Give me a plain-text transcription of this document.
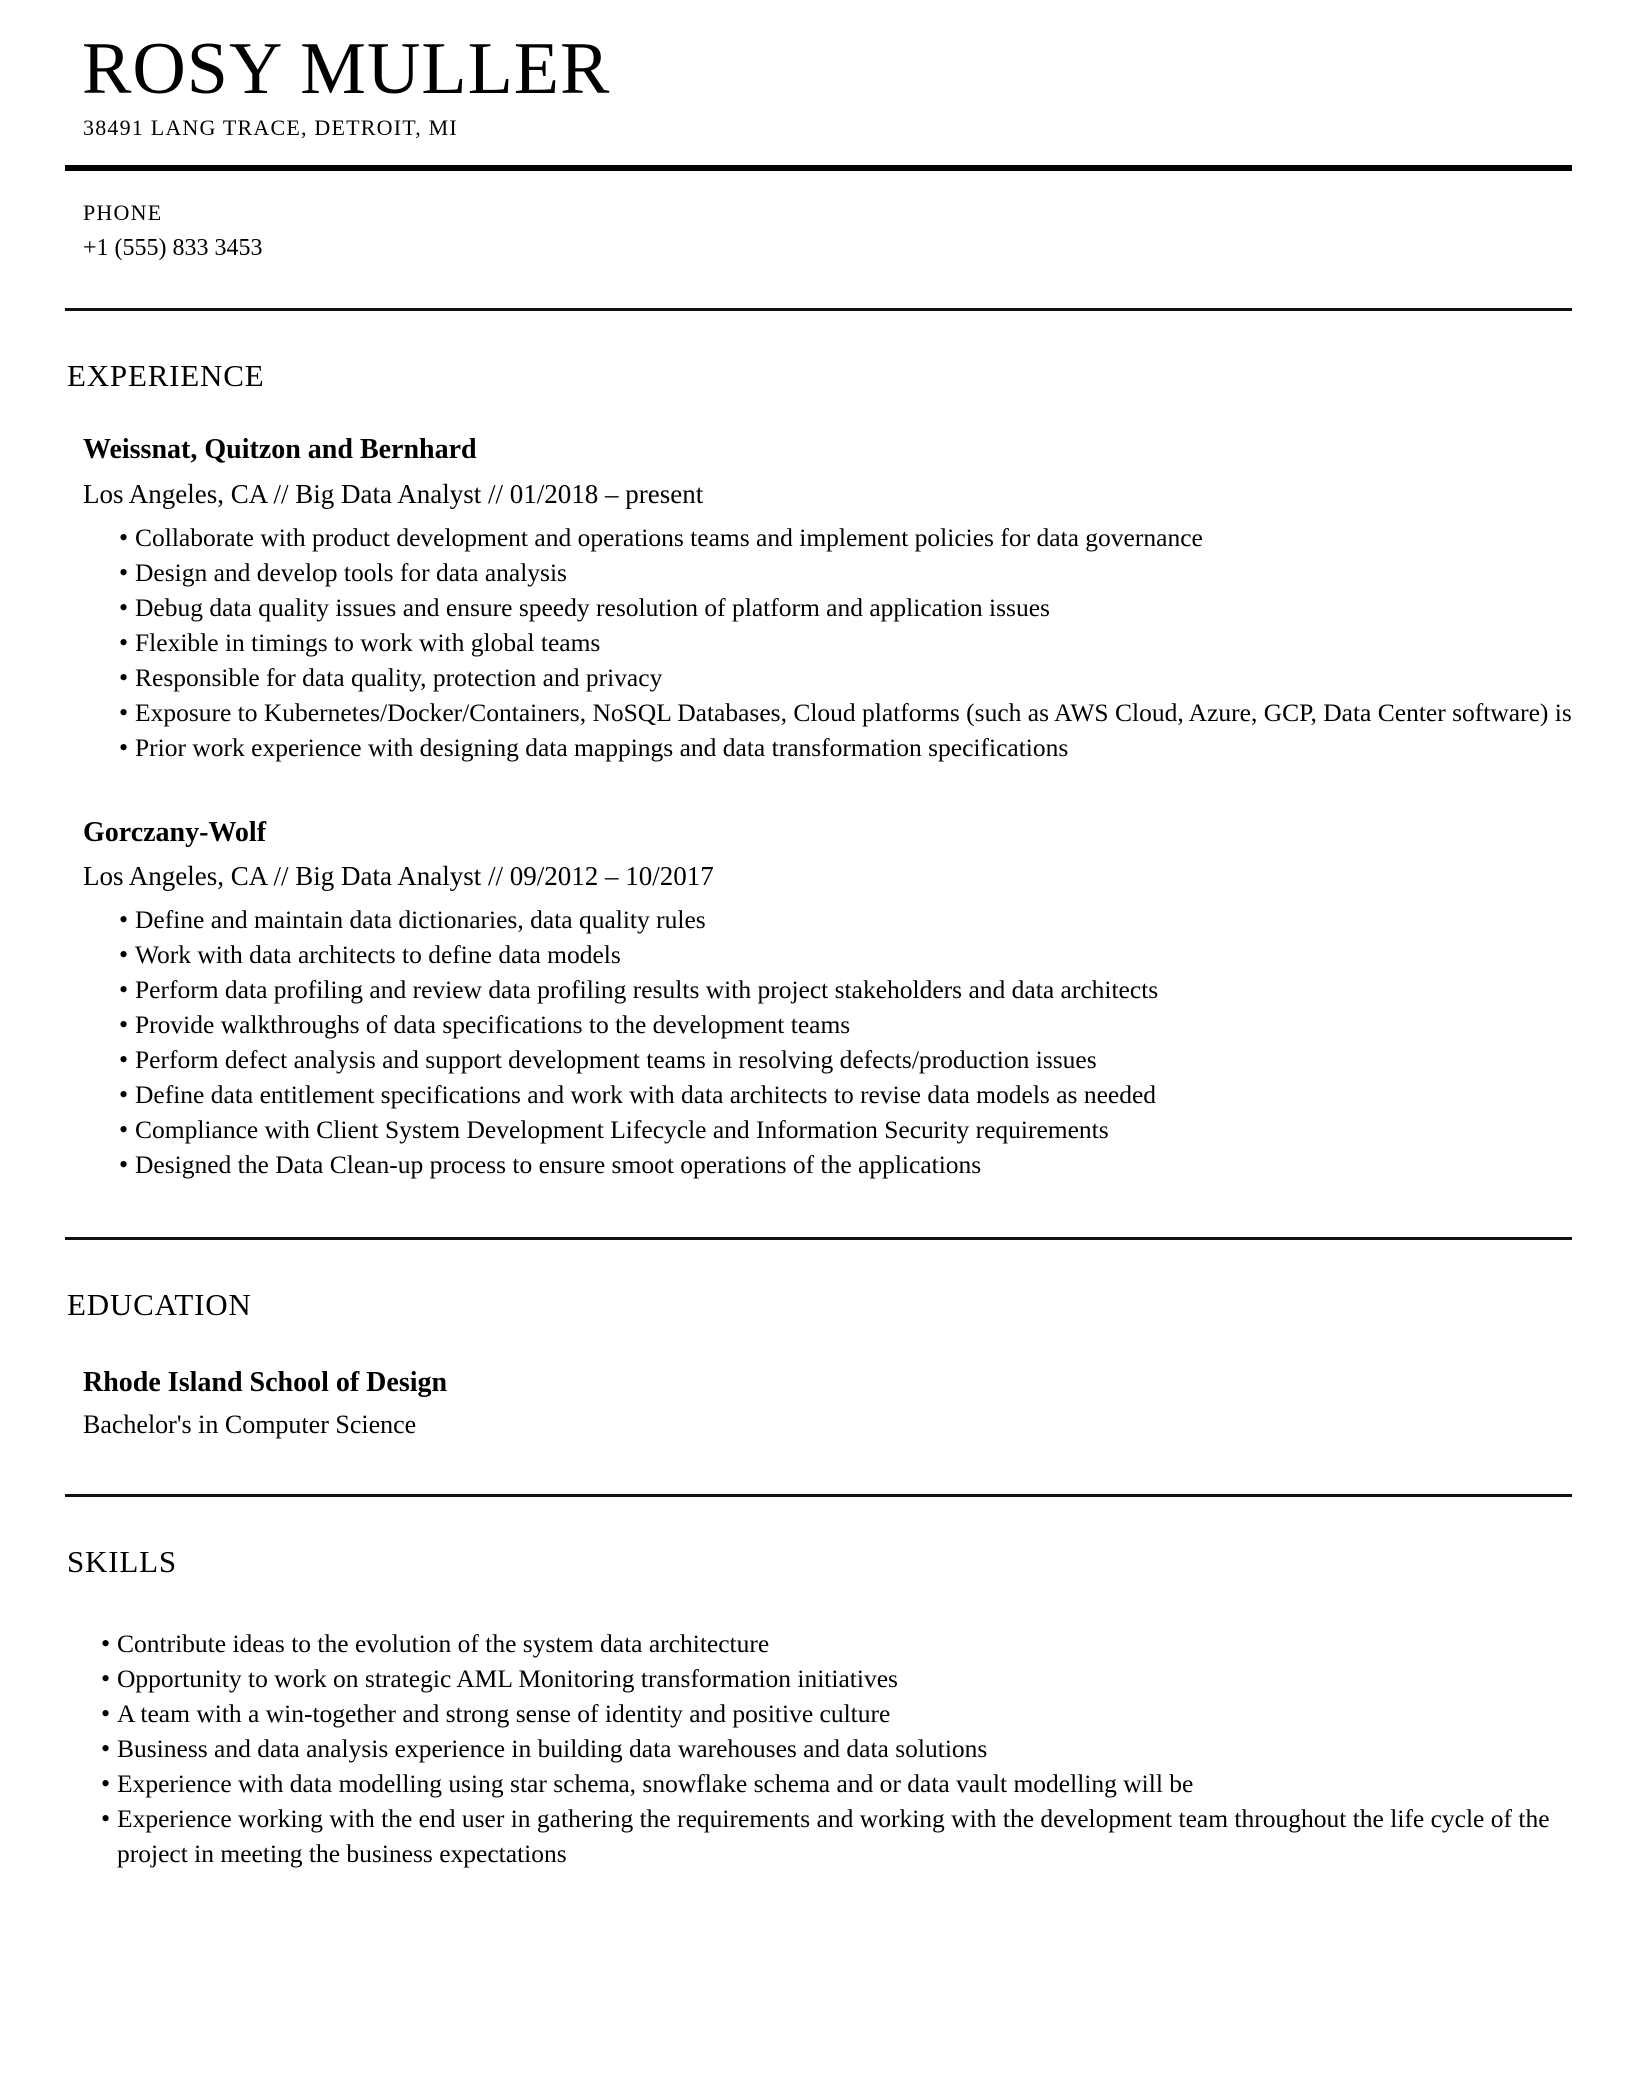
ROSY MULLER
38491 LANG TRACE, DETROIT, MI
PHONE
+1 (555) 833 3453
EXPERIENCE
Weissnat, Quitzon and Bernhard
Los Angeles, CA // Big Data Analyst // 01/2018 – present
• Collaborate with product development and operations teams and implement policies for data governance
• Design and develop tools for data analysis
• Debug data quality issues and ensure speedy resolution of platform and application issues
• Flexible in timings to work with global teams
• Responsible for data quality, protection and privacy
• Exposure to Kubernetes/Docker/Containers, NoSQL Databases, Cloud platforms (such as AWS Cloud, Azure, GCP, Data Center software) is
• Prior work experience with designing data mappings and data transformation specifications
Gorczany-Wolf
Los Angeles, CA // Big Data Analyst // 09/2012 – 10/2017
• Define and maintain data dictionaries, data quality rules
• Work with data architects to define data models
• Perform data profiling and review data profiling results with project stakeholders and data architects
• Provide walkthroughs of data specifications to the development teams
• Perform defect analysis and support development teams in resolving defects/production issues
• Define data entitlement specifications and work with data architects to revise data models as needed
• Compliance with Client System Development Lifecycle and Information Security requirements
• Designed the Data Clean-up process to ensure smoot operations of the applications
EDUCATION
Rhode Island School of Design
Bachelor's in Computer Science
SKILLS
• Contribute ideas to the evolution of the system data architecture
• Opportunity to work on strategic AML Monitoring transformation initiatives
• A team with a win-together and strong sense of identity and positive culture
• Business and data analysis experience in building data warehouses and data solutions
• Experience with data modelling using star schema, snowflake schema and or data vault modelling will be
• Experience working with the end user in gathering the requirements and working with the development team throughout the life cycle of the project in meeting the business expectations
